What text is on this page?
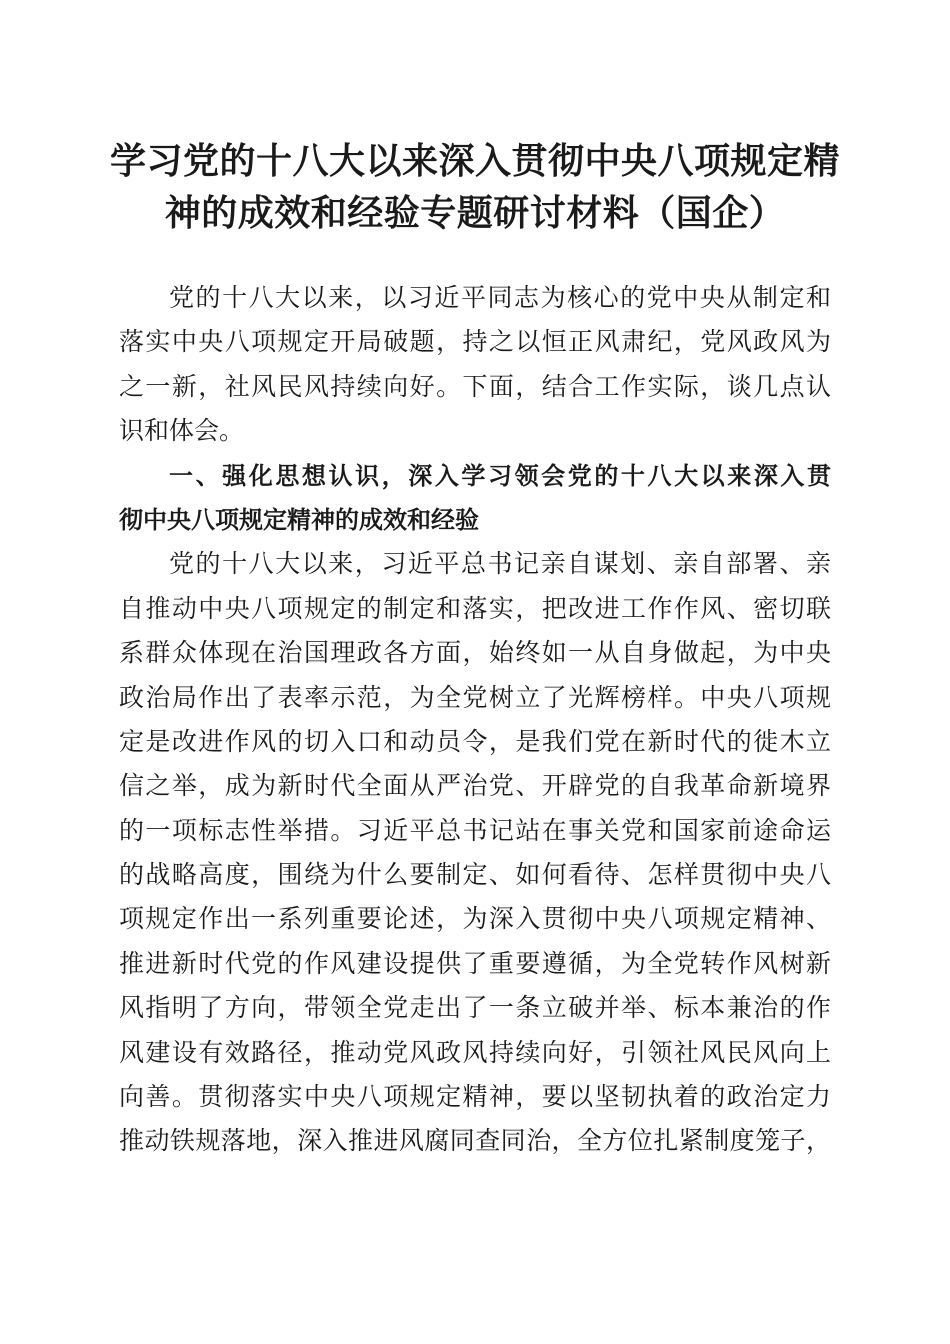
学习党的十八大以来深入贯彻中央八项规定精
神的成效和经验专题研讨材料（国企）
党的十八大以来，以习近平同志为核心的党中央从制定和
落实中央八项规定开局破题，持之以恒正风肃纪，党风政风为
之一新，社风民风持续向好。下面，结合工作实际，谈几点认
识和体会。
一、强化思想认识，深入学习领会党的十八大以来深入贯
彻中央八项规定精神的成效和经验
党的十八大以来，习近平总书记亲自谋划、亲自部署、亲
自推动中央八项规定的制定和落实，把改进工作作风、密切联
系群众体现在治国理政各方面，始终如一从自身做起，为中央
政治局作出了表率示范，为全党树立了光辉榜样。中央八项规
定是改进作风的切入口和动员令，是我们党在新时代的徙木立
信之举，成为新时代全面从严治党、开辟党的自我革命新境界
的一项标志性举措。习近平总书记站在事关党和国家前途命运
的战略高度，围绕为什么要制定、如何看待、怎样贯彻中央八
项规定作出一系列重要论述，为深入贯彻中央八项规定精神、
推进新时代党的作风建设提供了重要遵循，为全党转作风树新
风指明了方向，带领全党走出了一条立破并举、标本兼治的作
风建设有效路径，推动党风政风持续向好，引领社风民风向上
向善。贯彻落实中央八项规定精神，要以坚韧执着的政治定力
推动铁规落地，深入推进风腐同查同治，全方位扎紧制度笼子，
